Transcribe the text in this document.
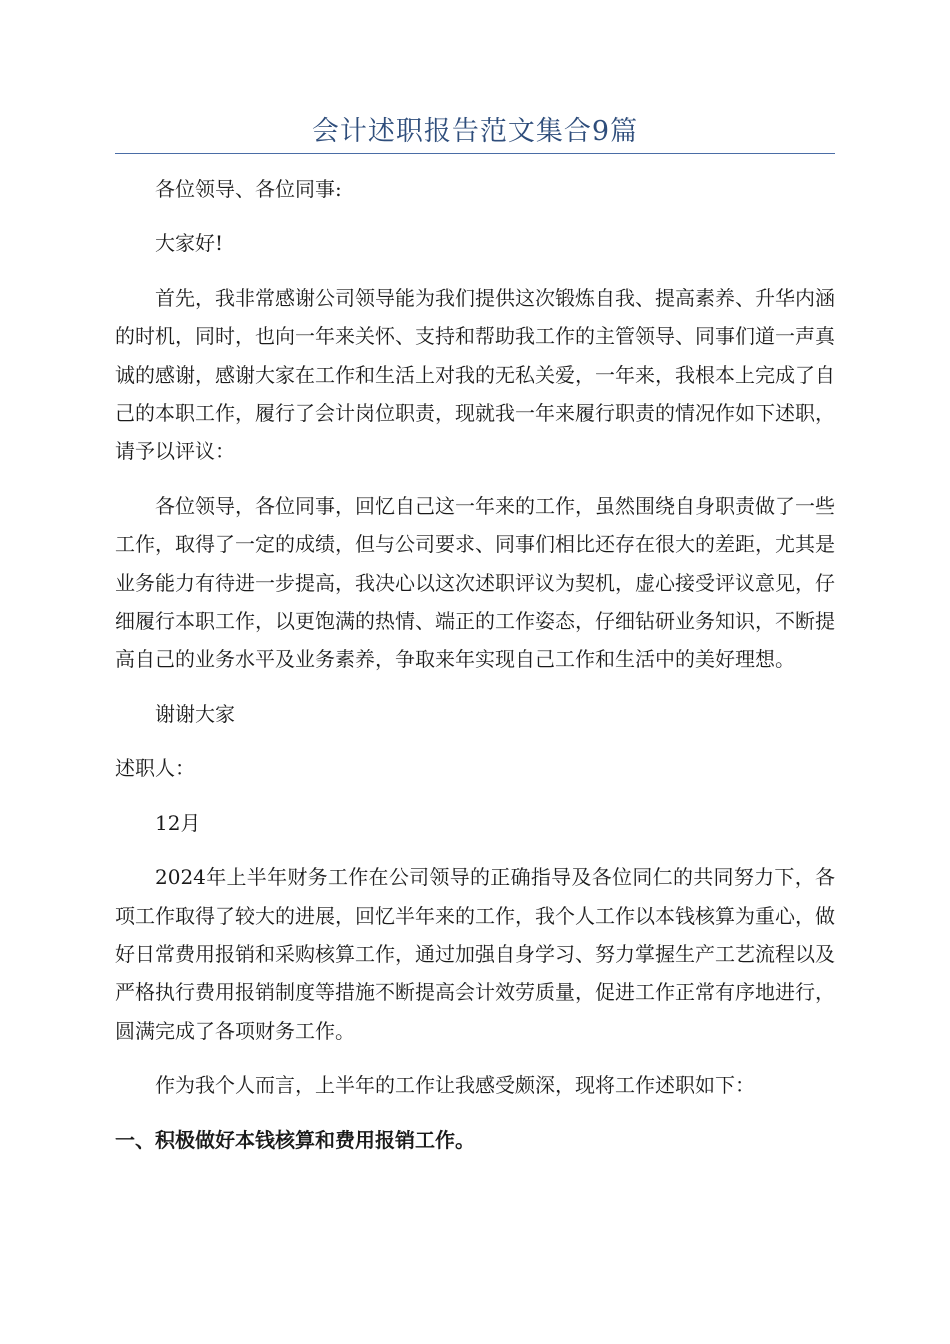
会计述职报告范文集合9篇

各位领导、各位同事:

大家好!

首先，我非常感谢公司领导能为我们提供这次锻炼自我、提高素养、升华内涵的时机，同时，也向一年来关怀、支持和帮助我工作的主管领导、同事们道一声真诚的感谢，感谢大家在工作和生活上对我的无私关爱，一年来，我根本上完成了自己的本职工作，履行了会计岗位职责，现就我一年来履行职责的情况作如下述职，请予以评议：

各位领导，各位同事，回忆自己这一年来的工作，虽然围绕自身职责做了一些工作，取得了一定的成绩，但与公司要求、同事们相比还存在很大的差距，尤其是业务能力有待进一步提高，我决心以这次述职评议为契机，虚心接受评议意见，仔细履行本职工作，以更饱满的热情、端正的工作姿态，仔细钻研业务知识，不断提高自己的业务水平及业务素养，争取来年实现自己工作和生活中的美好理想。

谢谢大家

述职人：

12月

2024年上半年财务工作在公司领导的正确指导及各位同仁的共同努力下，各项工作取得了较大的进展，回忆半年来的工作，我个人工作以本钱核算为重心，做好日常费用报销和采购核算工作，通过加强自身学习、努力掌握生产工艺流程以及严格执行费用报销制度等措施不断提高会计效劳质量，促进工作正常有序地进行，圆满完成了各项财务工作。

作为我个人而言，上半年的工作让我感受颇深，现将工作述职如下：

一、积极做好本钱核算和费用报销工作。
